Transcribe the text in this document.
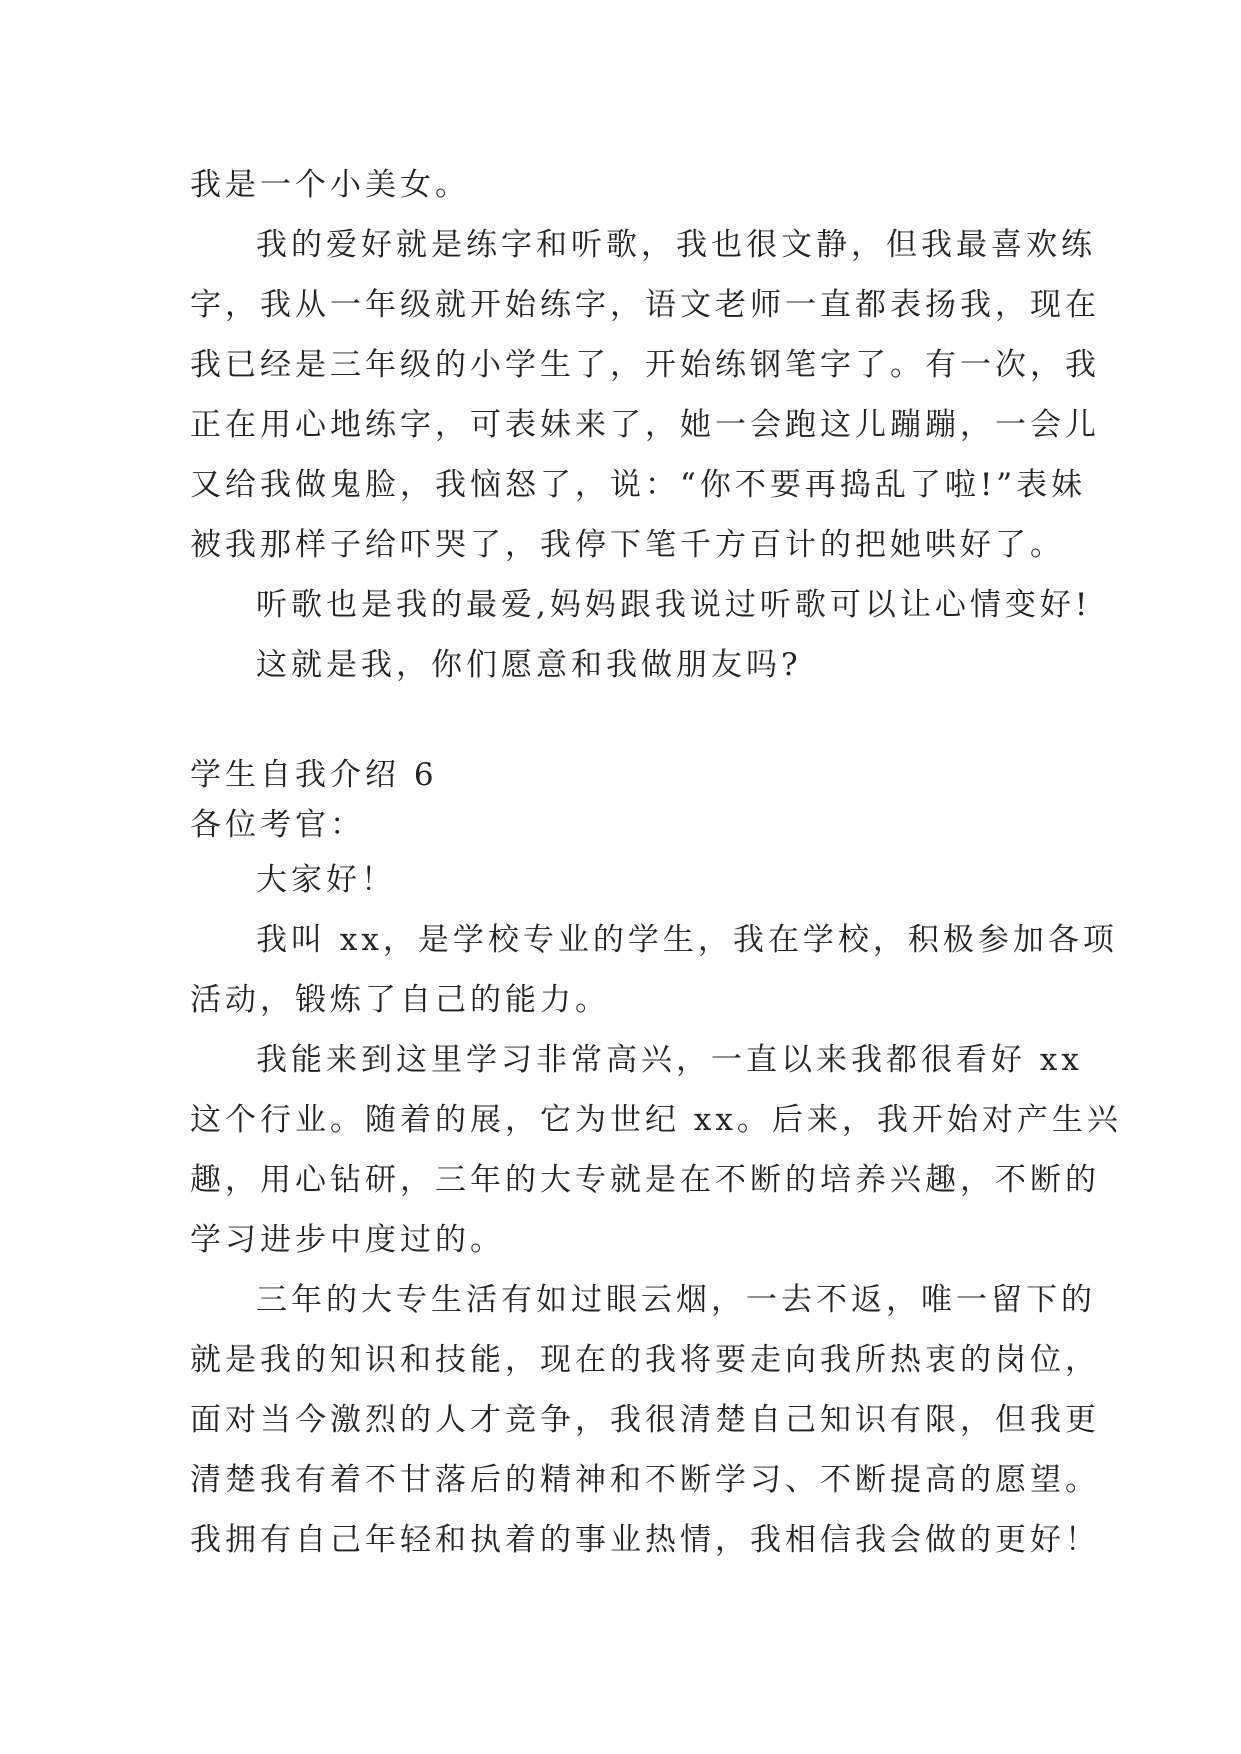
我是一个小美女。
我的爱好就是练字和听歌，我也很文静，但我最喜欢练
字，我从一年级就开始练字，语文老师一直都表扬我，现在
我已经是三年级的小学生了，开始练钢笔字了。有一次，我
正在用心地练字，可表妹来了，她一会跑这儿蹦蹦，一会儿
又给我做鬼脸，我恼怒了，说：“你不要再捣乱了啦!”表妹
被我那样子给吓哭了，我停下笔千方百计的把她哄好了。
听歌也是我的最爱,妈妈跟我说过听歌可以让心情变好!
这就是我，你们愿意和我做朋友吗?
学生自我介绍 6
各位考官：
大家好！
我叫 xx，是学校专业的学生，我在学校，积极参加各项
活动，锻炼了自己的能力。
我能来到这里学习非常高兴，一直以来我都很看好 xx
这个行业。随着的展，它为世纪 xx。后来，我开始对产生兴
趣，用心钻研，三年的大专就是在不断的培养兴趣，不断的
学习进步中度过的。
三年的大专生活有如过眼云烟，一去不返，唯一留下的
就是我的知识和技能，现在的我将要走向我所热衷的岗位，
面对当今激烈的人才竞争，我很清楚自己知识有限，但我更
清楚我有着不甘落后的精神和不断学习、不断提高的愿望。
我拥有自己年轻和执着的事业热情，我相信我会做的更好！
